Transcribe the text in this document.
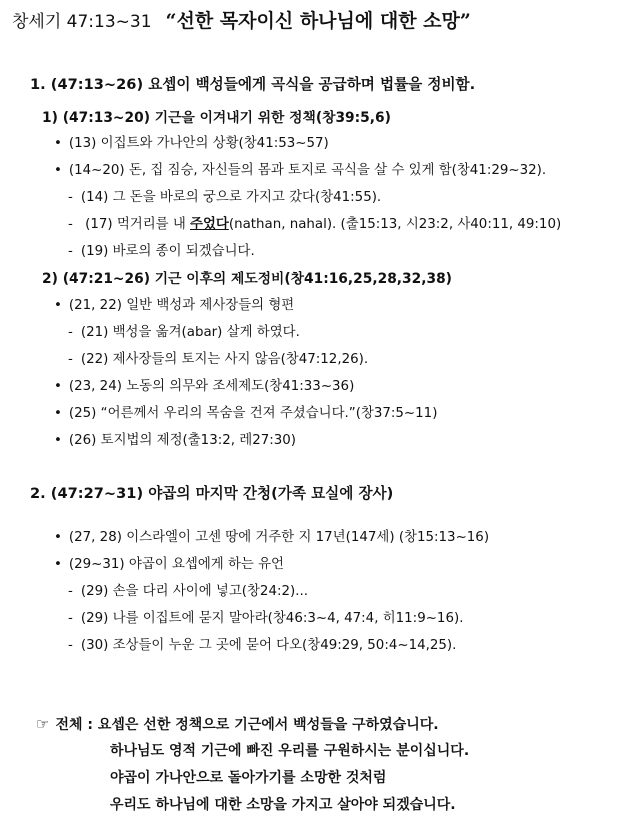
창세기 47:13~31 “선한 목자이신 하나님에 대한 소망”
1. (47:13~26) 요셉이 백성들에게 곡식을 공급하며 법률을 정비함.
1) (47:13~20) 기근을 이겨내기 위한 정책(창39:5,6)
• (13) 이집트와 가나안의 상황(창41:53~57)
• (14~20) 돈, 집 짐승, 자신들의 몸과 토지로 곡식을 살 수 있게 함(창41:29~32).
- (14) 그 돈을 바로의 궁으로 가지고 갔다(창41:55).
- (17) 먹거리를 내 주었다(nathan, nahal). (출15:13, 시23:2, 사40:11, 49:10)
- (19) 바로의 종이 되겠습니다.
2) (47:21~26) 기근 이후의 제도정비(창41:16,25,28,32,38)
• (21, 22) 일반 백성과 제사장들의 형편
- (21) 백성을 옮겨(abar) 살게 하였다.
- (22) 제사장들의 토지는 사지 않음(창47:12,26).
• (23, 24) 노동의 의무와 조세제도(창41:33~36)
• (25) “어른께서 우리의 목숨을 건져 주셨습니다.”(창37:5~11)
• (26) 토지법의 제정(출13:2, 레27:30)
2. (47:27~31) 야곱의 마지막 간청(가족 묘실에 장사)
• (27, 28) 이스라엘이 고센 땅에 거주한 지 17년(147세) (창15:13~16)
• (29~31) 야곱이 요셉에게 하는 유언
- (29) 손을 다리 사이에 넣고(창24:2)...
- (29) 나를 이집트에 묻지 말아라(창46:3~4, 47:4, 히11:9~16).
- (30) 조상들이 누운 그 곳에 묻어 다오(창49:29, 50:4~14,25).
☞ 전체 : 요셉은 선한 정책으로 기근에서 백성들을 구하였습니다.
하나님도 영적 기근에 빠진 우리를 구원하시는 분이십니다.
야곱이 가나안으로 돌아가기를 소망한 것처럼
우리도 하나님에 대한 소망을 가지고 살아야 되겠습니다.
